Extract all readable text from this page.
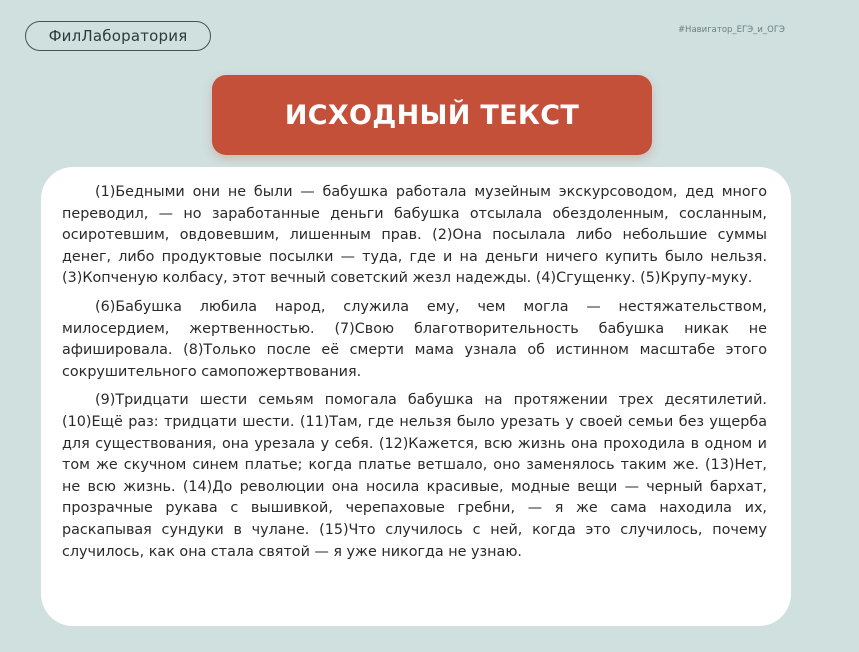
ФилЛаборатория	#Навигатор_ЕГЭ_и_ОГЭ
ИСХОДНЫЙ ТЕКСТ

(1)Бедными они не были — бабушка работала музейным экскурсоводом, дед много переводил, — но заработанные деньги бабушка отсылала обездоленным, сосланным, осиротевшим, овдовевшим, лишенным прав. (2)Она посылала либо небольшие суммы денег, либо продуктовые посылки — туда, где и на деньги ничего купить было нельзя. (3)Копченую колбасу, этот вечный советский жезл надежды. (4)Сгущенку. (5)Крупу-муку.

(6)Бабушка любила народ, служила ему, чем могла — нестяжательством, милосердием, жертвенностью. (7)Свою благотворительность бабушка никак не афишировала. (8)Только после её смерти мама узнала об истинном масштабе этого сокрушительного самопожертвования.

(9)Тридцати шести семьям помогала бабушка на протяжении трех десятилетий. (10)Ещё раз: тридцати шести. (11)Там, где нельзя было урезать у своей семьи без ущерба для существования, она урезала у себя. (12)Кажется, всю жизнь она проходила в одном и том же скучном синем платье; когда платье ветшало, оно заменялось таким же. (13)Нет, не всю жизнь. (14)До революции она носила красивые, модные вещи — черный бархат, прозрачные рукава с вышивкой, черепаховые гребни, — я же сама находила их, раскапывая сундуки в чулане. (15)Что случилось с ней, когда это случилось, почему случилось, как она стала святой — я уже никогда не узнаю.
